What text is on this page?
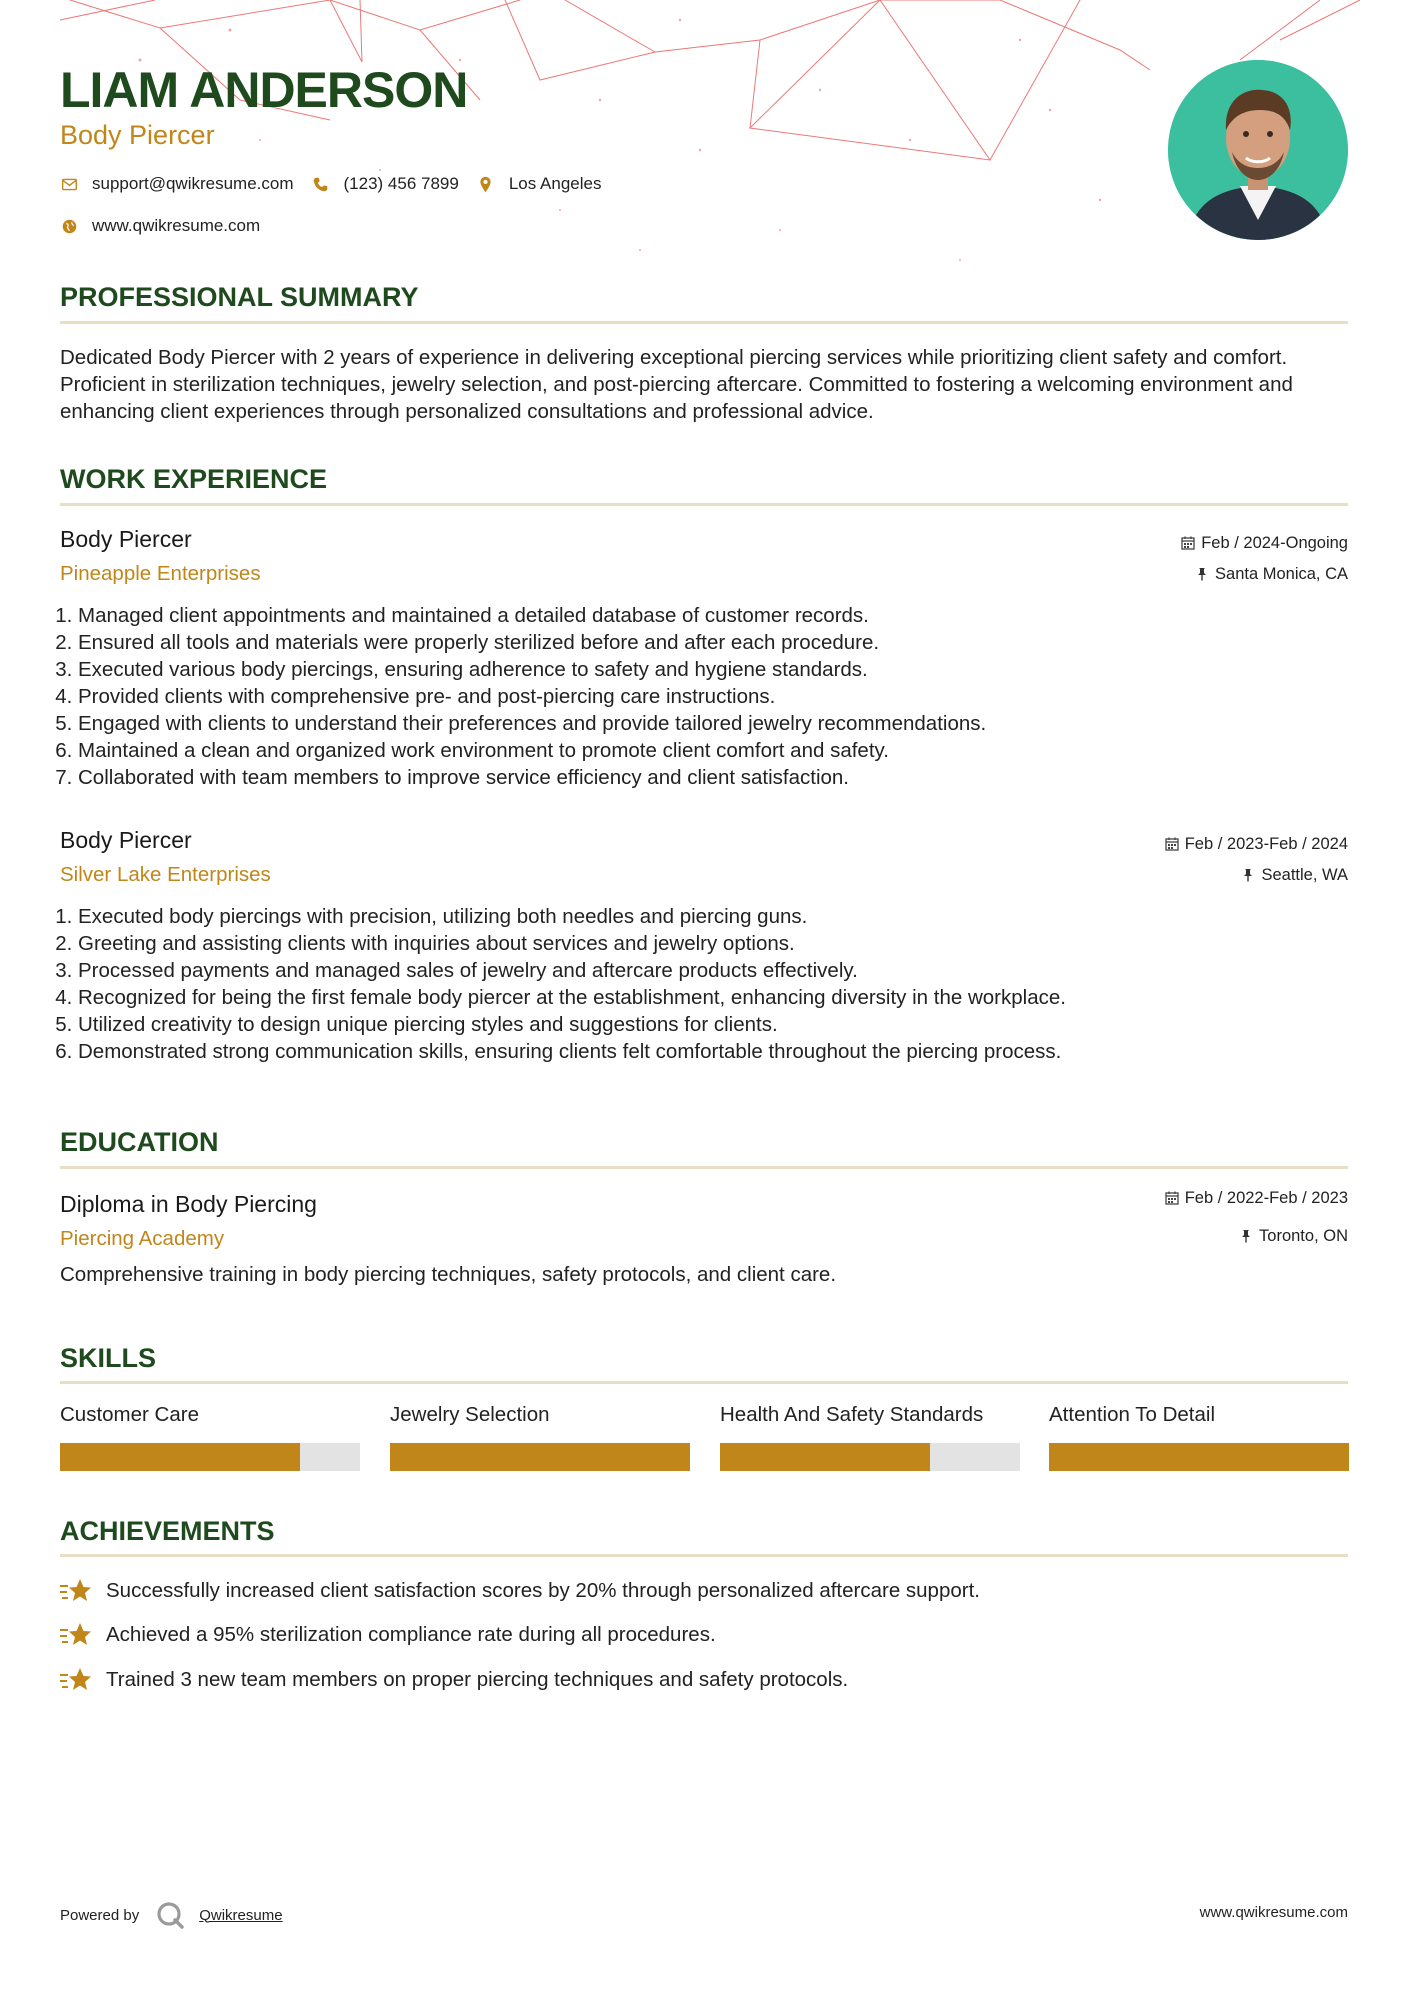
LIAM ANDERSON
Body Piercer
support@qwikresume.com	(123) 456 7899	Los Angeles
www.qwikresume.com
PROFESSIONAL SUMMARY
Dedicated Body Piercer with 2 years of experience in delivering exceptional piercing services while prioritizing client safety and comfort. Proficient in sterilization techniques, jewelry selection, and post-piercing aftercare. Committed to fostering a welcoming environment and enhancing client experiences through personalized consultations and professional advice.
WORK EXPERIENCE
Body Piercer
Pineapple Enterprises
Feb / 2024-Ongoing
Santa Monica, CA
1. Managed client appointments and maintained a detailed database of customer records.
2. Ensured all tools and materials were properly sterilized before and after each procedure.
3. Executed various body piercings, ensuring adherence to safety and hygiene standards.
4. Provided clients with comprehensive pre- and post-piercing care instructions.
5. Engaged with clients to understand their preferences and provide tailored jewelry recommendations.
6. Maintained a clean and organized work environment to promote client comfort and safety.
7. Collaborated with team members to improve service efficiency and client satisfaction.
Body Piercer
Silver Lake Enterprises
Feb / 2023-Feb / 2024
Seattle, WA
1. Executed body piercings with precision, utilizing both needles and piercing guns.
2. Greeting and assisting clients with inquiries about services and jewelry options.
3. Processed payments and managed sales of jewelry and aftercare products effectively.
4. Recognized for being the first female body piercer at the establishment, enhancing diversity in the workplace.
5. Utilized creativity to design unique piercing styles and suggestions for clients.
6. Demonstrated strong communication skills, ensuring clients felt comfortable throughout the piercing process.
EDUCATION
Diploma in Body Piercing
Piercing Academy
Feb / 2022-Feb / 2023
Toronto, ON
Comprehensive training in body piercing techniques, safety protocols, and client care.
SKILLS
Customer Care	Jewelry Selection	Health And Safety Standards	Attention To Detail
ACHIEVEMENTS
Successfully increased client satisfaction scores by 20% through personalized aftercare support.
Achieved a 95% sterilization compliance rate during all procedures.
Trained 3 new team members on proper piercing techniques and safety protocols.
Powered by	Qwikresume	www.qwikresume.com
